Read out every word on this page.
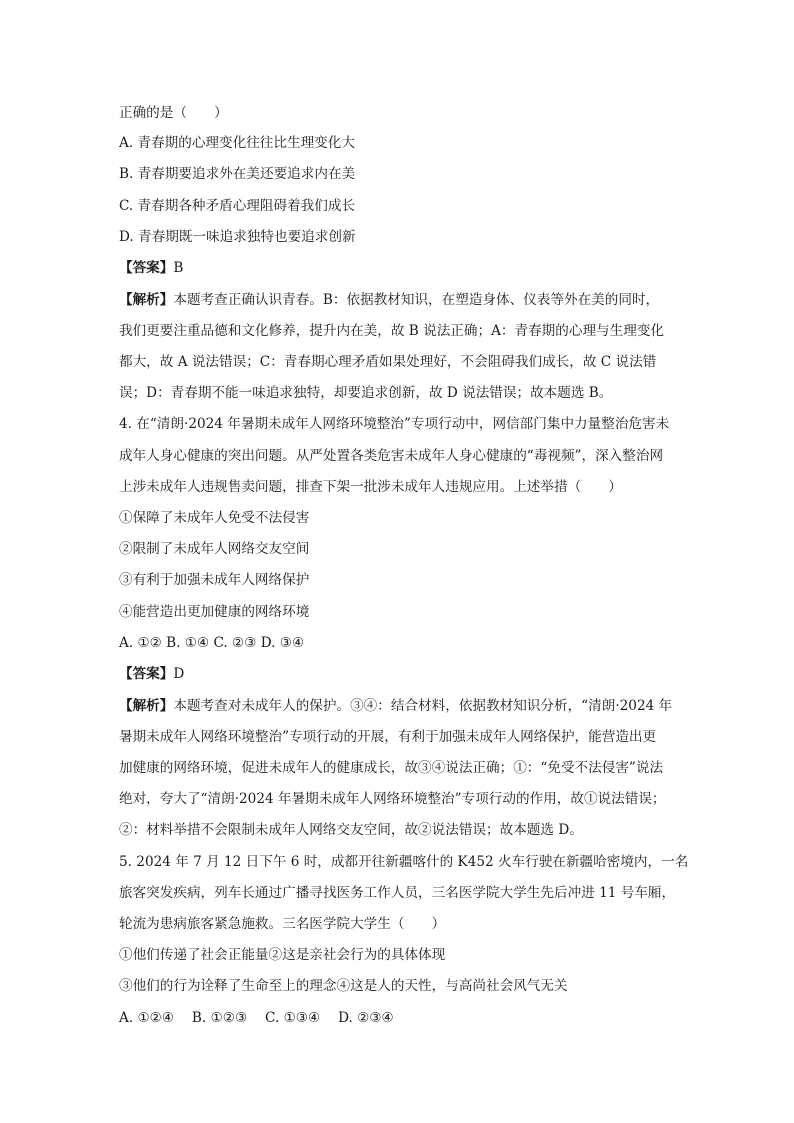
正确的是（　　）
A. 青春期的心理变化往往比生理变化大
B. 青春期要追求外在美还要追求内在美
C. 青春期各种矛盾心理阻碍着我们成长
D. 青春期既一味追求独特也要追求创新
【答案】B
【解析】本题考查正确认识青春。B：依据教材知识，在塑造身体、仪表等外在美的同时，
我们更要注重品德和文化修养，提升内在美，故 B 说法正确；A：青春期的心理与生理变化
都大，故 A 说法错误；C：青春期心理矛盾如果处理好，不会阻碍我们成长，故 C 说法错
误；D：青春期不能一味追求独特，却要追求创新，故 D 说法错误；故本题选 B。
4. 在“清朗·2024 年暑期未成年人网络环境整治”专项行动中，网信部门集中力量整治危害未
成年人身心健康的突出问题。从严处置各类危害未成年人身心健康的“毒视频”，深入整治网
上涉未成年人违规售卖问题，排查下架一批涉未成年人违规应用。上述举措（　　）
①保障了未成年人免受不法侵害
②限制了未成年人网络交友空间
③有利于加强未成年人网络保护
④能营造出更加健康的网络环境
A. ①② B. ①④ C. ②③ D. ③④
【答案】D
【解析】本题考查对未成年人的保护。③④：结合材料，依据教材知识分析，“清朗·2024 年
暑期未成年人网络环境整治”专项行动的开展，有利于加强未成年人网络保护，能营造出更
加健康的网络环境，促进未成年人的健康成长，故③④说法正确；①：“免受不法侵害”说法
绝对，夸大了“清朗·2024 年暑期未成年人网络环境整治”专项行动的作用，故①说法错误；
②：材料举措不会限制未成年人网络交友空间，故②说法错误；故本题选 D。
5. 2024 年 7 月 12 日下午 6 时，成都开往新疆喀什的 K452 火车行驶在新疆哈密境内，一名
旅客突发疾病，列车长通过广播寻找医务工作人员，三名医学院大学生先后冲进 11 号车厢，
轮流为患病旅客紧急施救。三名医学院大学生（　　）
①他们传递了社会正能量②这是亲社会行为的具体体现
③他们的行为诠释了生命至上的理念④这是人的天性，与高尚社会风气无关
A. ①②④　 B. ①②③　 C. ①③④　 D. ②③④
